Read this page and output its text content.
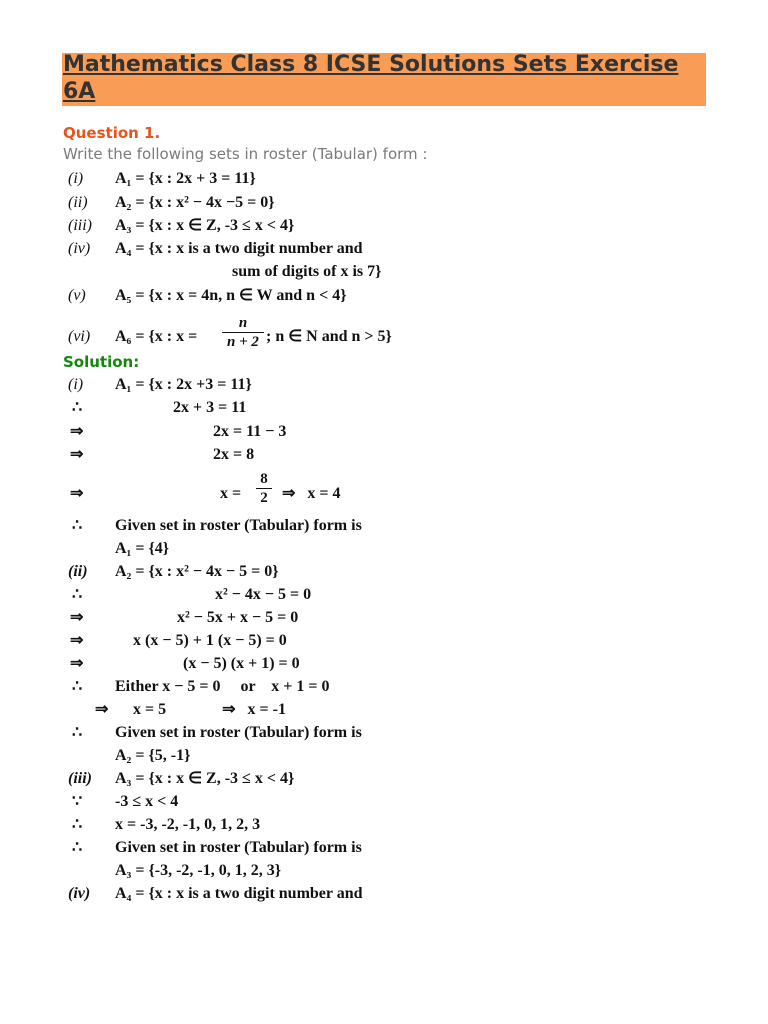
Mathematics Class 8 ICSE Solutions Sets Exercise 6A
Question 1.
Write the following sets in roster (Tabular) form :
(i) A₁ = {x : 2x + 3 = 11}
(ii) A₂ = {x : x² − 4x −5 = 0}
(iii) A₃ = {x : x ∈ Z, -3 ≤ x < 4}
(iv) A₄ = {x : x is a two digit number and
sum of digits of x is 7}
(v) A₅ = {x : x = 4n, n ∈ W and n < 4}
(vi) A₆ = {x : x =
n
n + 2 ; n ∈ N and n > 5}
Solution:
(i) A₁ = {x : 2x +3 = 11}
∴	2x + 3 = 11
⇒	2x = 11 − 3
⇒	2x = 8
⇒	x =
8
2 ⇒   x = 4
∴ Given set in roster (Tabular) form is
A₁ = {4}
(ii) A₂ = {x : x² − 4x − 5 = 0}
∴	x² − 4x − 5 = 0
⇒	x² − 5x + x − 5 = 0
⇒	x (x − 5) + 1 (x − 5) = 0
⇒	(x − 5) (x + 1) = 0
∴ Either x − 5 = 0     or    x + 1 = 0
⇒ x = 5              ⇒   x = -1
∴ Given set in roster (Tabular) form is
A₂ = {5, -1}
(iii) A₃ = {x : x ∈ Z, -3 ≤ x < 4}
∵ -3 ≤ x < 4
∴ x = -3, -2, -1, 0, 1, 2, 3
∴ Given set in roster (Tabular) form is
A₃ = {-3, -2, -1, 0, 1, 2, 3}
(iv) A₄ = {x : x is a two digit number and
